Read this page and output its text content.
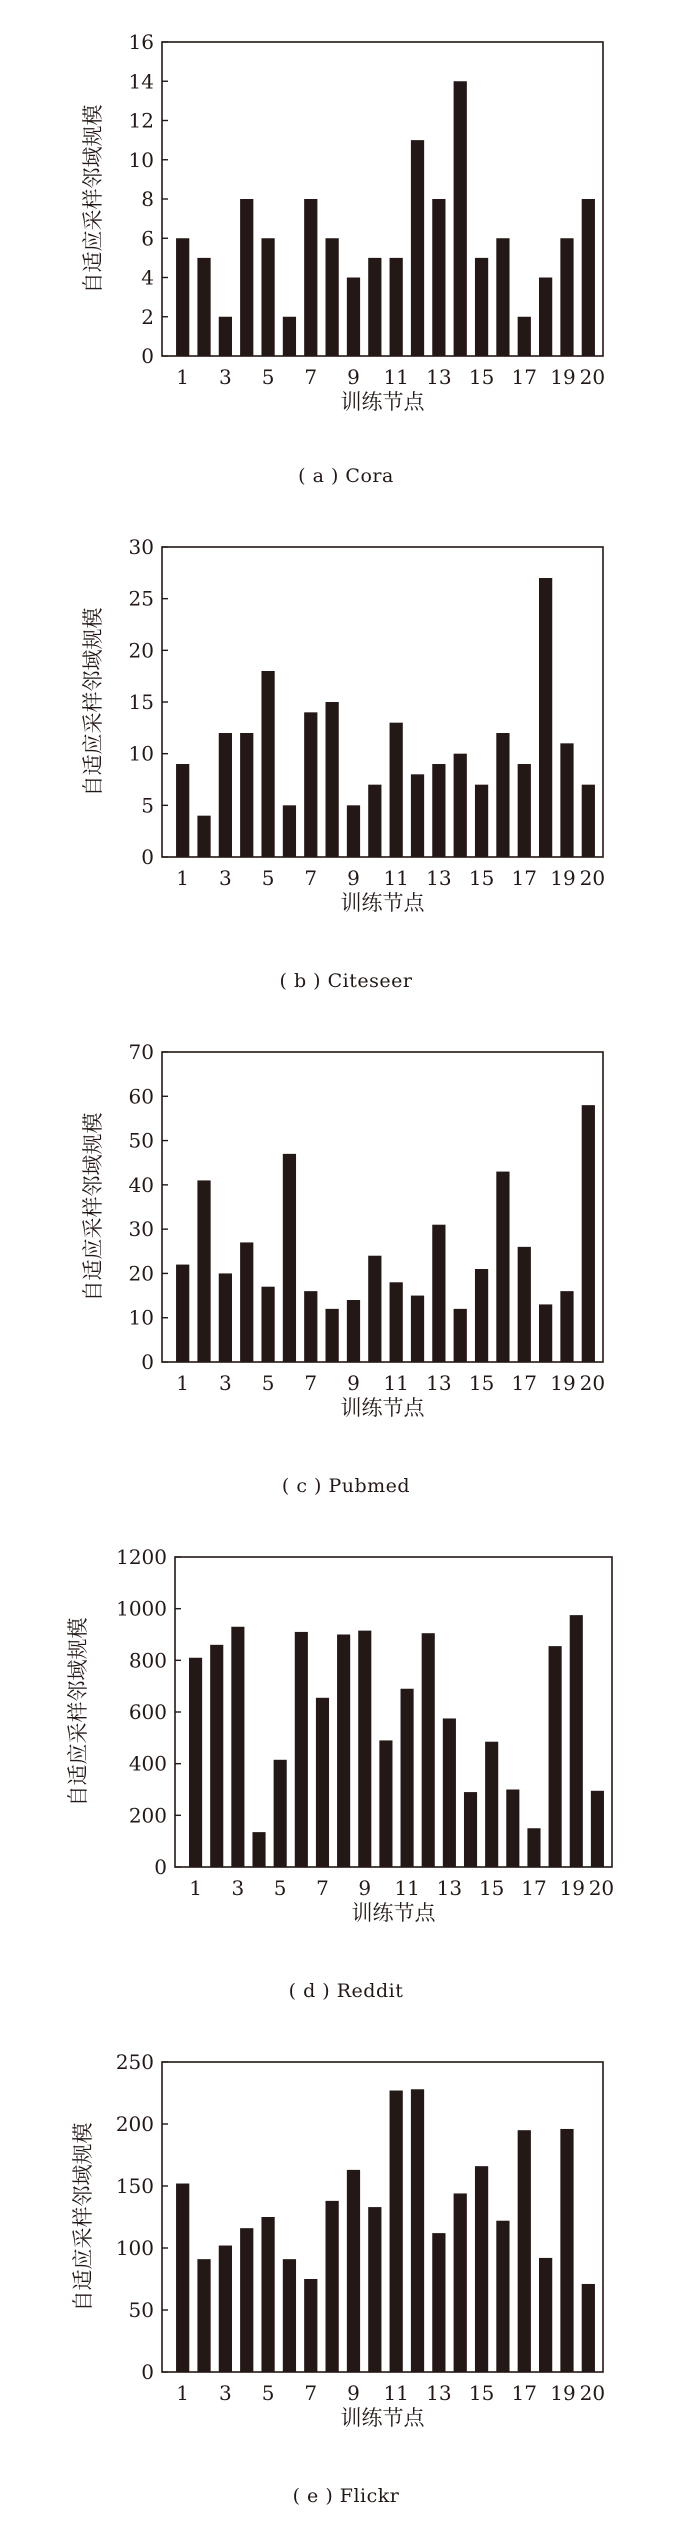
0
2
4
6
8
10
12
14
16
1 3 5 7 9 11 13 15 17 19 20
训练节点
自适应采样邻域规模
( a ) Cora
0
5
10
15
20
25
30
1 3 5 7 9 11 13 15 17 19 20
训练节点
自适应采样邻域规模
( b ) Citeseer
0
10
20
30
40
50
60
70
1 3 5 7 9 11 13 15 17 19 20
训练节点
自适应采样邻域规模
( c ) Pubmed
0
200
400
600
800
1000
1200
1 3 5 7 9 11 13 15 17 19 20
训练节点
自适应采样邻域规模
( d ) Reddit
0
50
100
150
200
250
1 3 5 7 9 11 13 15 17 19 20
训练节点
自适应采样邻域规模
( e ) Flickr
